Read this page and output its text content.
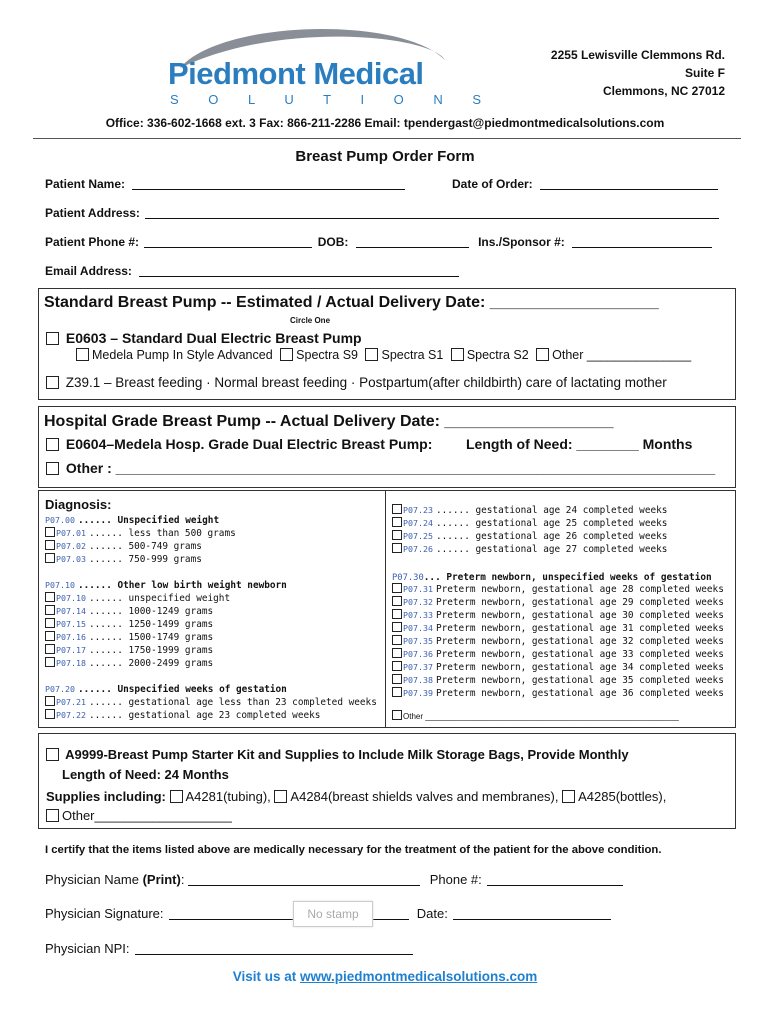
Piedmont Medical
S O L U T I O N S
2255 Lewisville Clemmons Rd.
Suite F
Clemmons, NC 27012
Office: 336-602-1668 ext. 3 Fax: 866-211-2286 Email: tpendergast@piedmontmedicalsolutions.com
Breast Pump Order Form
Patient Name:	Date of Order:
Patient Address:
Patient Phone #:	DOB:	Ins./Sponsor #:
Email Address:
Standard Breast Pump -- Estimated / Actual Delivery Date: ___________________
Circle One
E0603 – Standard Dual Electric Breast Pump
Medela Pump In Style Advanced Spectra S9 Spectra S1 Spectra S2 Other _______________
Z39.1 – Breast feeding · Normal breast feeding · Postpartum(after childbirth) care of lactating mother
Hospital Grade Breast Pump -- Actual Delivery Date: ___________________
E0604–Medela Hosp. Grade Dual Electric Breast Pump: Length of Need: ________ Months
Other : _____________________________________________________________________________
Diagnosis:
P07.00 ...... Unspecified weight
P07.01 ...... less than 500 grams
P07.02 ...... 500-749 grams
P07.03 ...... 750-999 grams
P07.10 ...... Other low birth weight newborn
P07.10 ...... unspecified weight
P07.14 ...... 1000-1249 grams
P07.15 ...... 1250-1499 grams
P07.16 ...... 1500-1749 grams
P07.17 ...... 1750-1999 grams
P07.18 ...... 2000-2499 grams
P07.20 ...... Unspecified weeks of gestation
P07.21 ...... gestational age less than 23 completed weeks
P07.22 ...... gestational age 23 completed weeks
P07.23 ...... gestational age 24 completed weeks
P07.24 ...... gestational age 25 completed weeks
P07.25 ...... gestational age 26 completed weeks
P07.26 ...... gestational age 27 completed weeks
P07.30... Preterm newborn, unspecified weeks of gestation
P07.31 Preterm newborn, gestational age 28 completed weeks
P07.32 Preterm newborn, gestational age 29 completed weeks
P07.33 Preterm newborn, gestational age 30 completed weeks
P07.34 Preterm newborn, gestational age 31 completed weeks
P07.35 Preterm newborn, gestational age 32 completed weeks
P07.36 Preterm newborn, gestational age 33 completed weeks
P07.37 Preterm newborn, gestational age 34 completed weeks
P07.38 Preterm newborn, gestational age 35 completed weeks
P07.39 Preterm newborn, gestational age 36 completed weeks
Other _________________________________________________________
A9999-Breast Pump Starter Kit and Supplies to Include Milk Storage Bags, Provide Monthly
Length of Need: 24 Months
Supplies including: A4281(tubing), A4284(breast shields valves and membranes), A4285(bottles),
Other___________________
I certify that the items listed above are medically necessary for the treatment of the patient for the above condition.
Physician Name (Print):	Phone #:
Physician Signature:	Date:
No stamp
Physician NPI:
Visit us at www.piedmontmedicalsolutions.com
